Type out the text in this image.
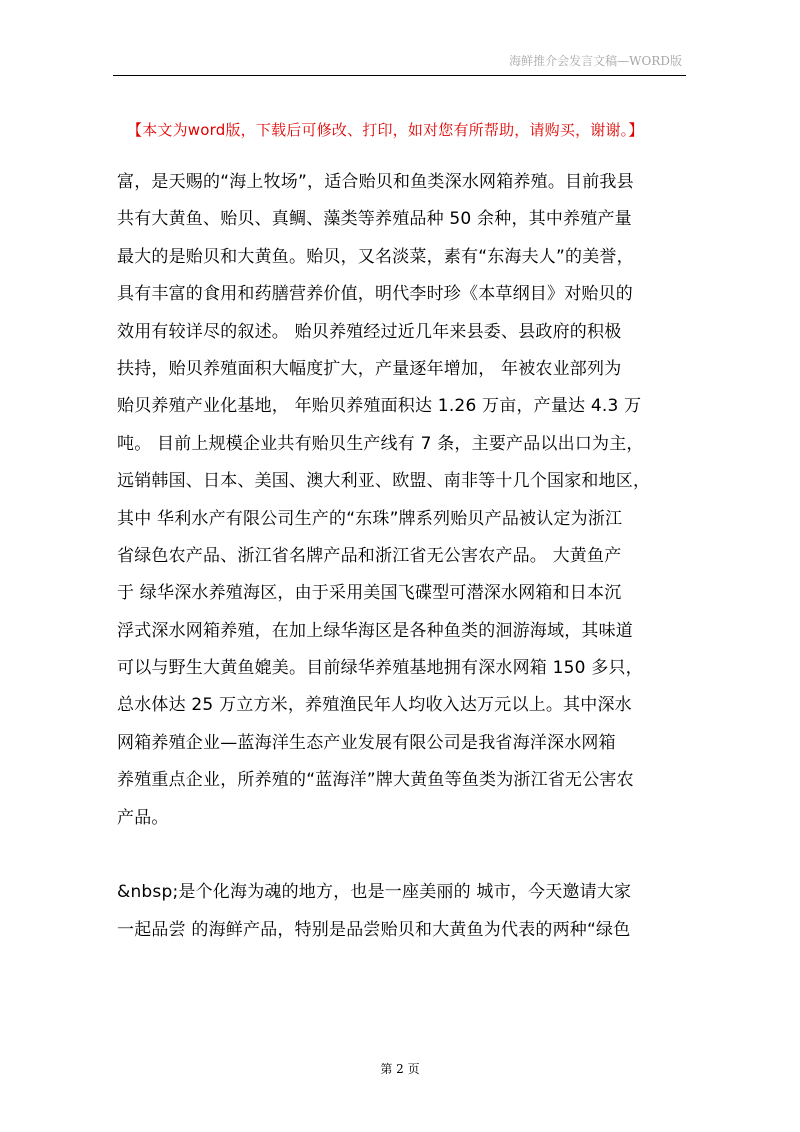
海鲜推介会发言文稿—WORD版
【本文为word版，下载后可修改、打印，如对您有所帮助，请购买，谢谢。】
富，是天赐的“海上牧场”，适合贻贝和鱼类深水网箱养殖。目前我县
共有大黄鱼、贻贝、真鲷、藻类等养殖品种 50 余种，其中养殖产量
最大的是贻贝和大黄鱼。贻贝，又名淡菜，素有“东海夫人”的美誉，
具有丰富的食用和药膳营养价值，明代李时珍《本草纲目》对贻贝的
效用有较详尽的叙述。 贻贝养殖经过近几年来县委、县政府的积极
扶持，贻贝养殖面积大幅度扩大，产量逐年增加， 年被农业部列为
贻贝养殖产业化基地， 年贻贝养殖面积达 1.26 万亩，产量达 4.3 万
吨。 目前上规模企业共有贻贝生产线有 7 条，主要产品以出口为主，
远销韩国、日本、美国、澳大利亚、欧盟、南非等十几个国家和地区，
其中 华利水产有限公司生产的“东珠”牌系列贻贝产品被认定为浙江
省绿色农产品、浙江省名牌产品和浙江省无公害农产品。 大黄鱼产
于 绿华深水养殖海区，由于采用美国飞碟型可潜深水网箱和日本沉
浮式深水网箱养殖，在加上绿华海区是各种鱼类的洄游海域，其味道
可以与野生大黄鱼媲美。目前绿华养殖基地拥有深水网箱 150 多只，
总水体达 25 万立方米，养殖渔民年人均收入达万元以上。其中深水
网箱养殖企业—蓝海洋生态产业发展有限公司是我省海洋深水网箱
养殖重点企业，所养殖的“蓝海洋”牌大黄鱼等鱼类为浙江省无公害农
产品。
&nbsp;是个化海为魂的地方，也是一座美丽的 城市，今天邀请大家
一起品尝 的海鲜产品，特别是品尝贻贝和大黄鱼为代表的两种“绿色
第 2 页
